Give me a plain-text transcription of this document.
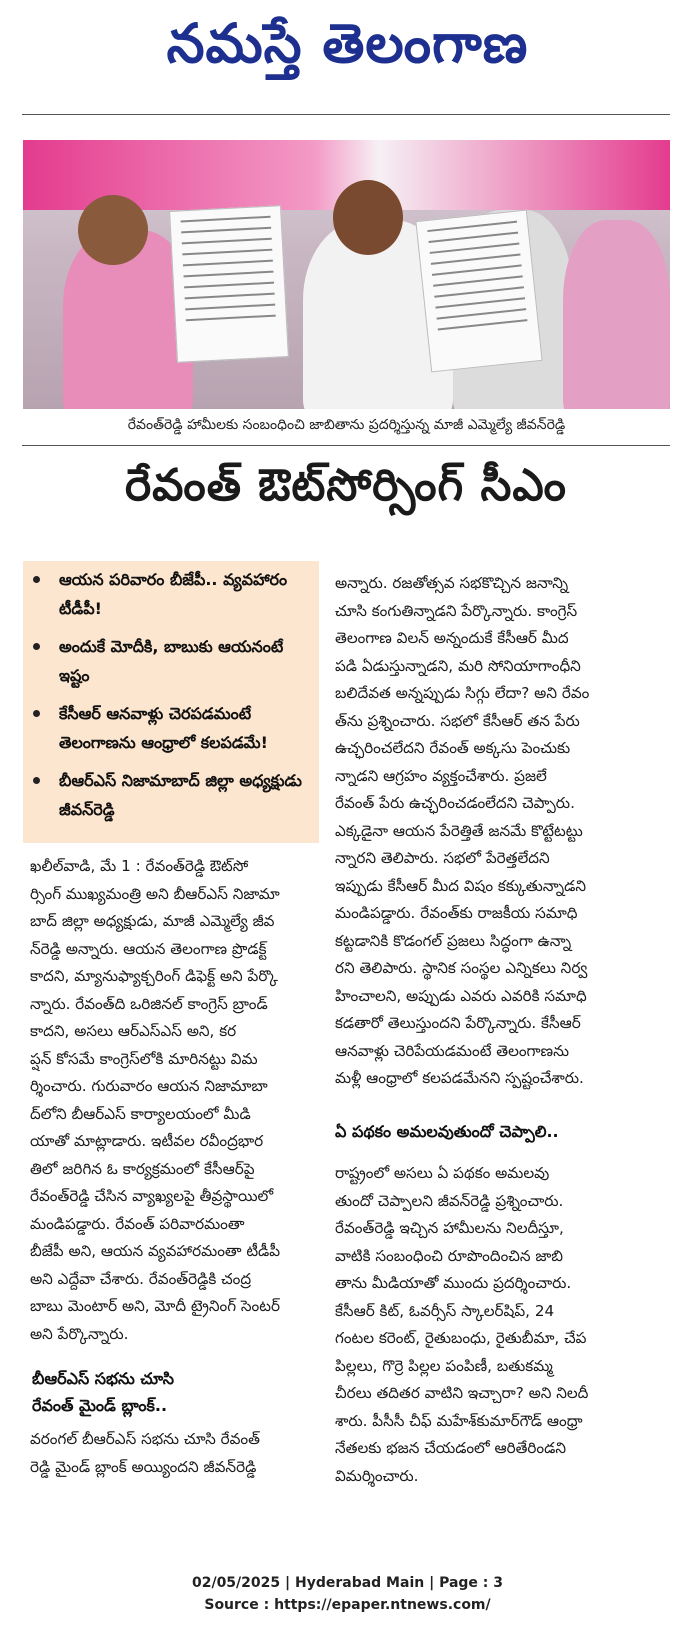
నమస్తే తెలంగాణ
రేవంత్‌రెడ్డి హామీలకు సంబంధించి జాబితాను ప్రదర్శిస్తున్న మాజీ ఎమ్మెల్యే జీవన్‌రెడ్డి
రేవంత్ ఔట్‌సోర్సింగ్ సీఎం
ఆయన పరివారం బీజేపీ.. వ్యవహారం టీడీపీ!
అందుకే మోదీకి, బాబుకు ఆయనంటే ఇష్టం
కేసీఆర్ ఆనవాళ్లు చెరపడమంటే తెలంగాణను ఆంధ్రాలో కలపడమే!
బీఆర్ఎస్ నిజామాబాద్ జిల్లా అధ్యక్షుడు జీవన్‌రెడ్డి
ఖలీల్‌వాడి, మే 1 : రేవంత్‌రెడ్డి ఔట్‌సో
ర్సింగ్ ముఖ్యమంత్రి అని బీఆర్ఎస్ నిజామా
బాద్ జిల్లా అధ్యక్షుడు, మాజీ ఎమ్మెల్యే జీవ
న్‌రెడ్డి అన్నారు. ఆయన తెలంగాణ ప్రొడక్ట్
కాదని, మ్యానుఫ్యాక్చరింగ్ డిఫెక్ట్ అని పేర్కొ
న్నారు. రేవంత్‌ది ఒరిజినల్ కాంగ్రెస్ బ్రాండ్
కాదని, అసలు ఆర్ఎస్ఎస్ అని, కర
ప్షన్ కోసమే కాంగ్రెస్‌లోకి మారినట్టు విమ
ర్శించారు. గురువారం ఆయన నిజామాబా
ద్‌లోని బీఆర్ఎస్ కార్యాలయంలో మీడి
యాతో మాట్లాడారు. ఇటీవల రవీంద్రభార
తిలో జరిగిన ఓ కార్యక్రమంలో కేసీఆర్‌పై
రేవంత్‌రెడ్డి చేసిన వ్యాఖ్యలపై తీవ్రస్థాయిలో
మండిపడ్డారు. రేవంత్ పరివారమంతా
బీజేపీ అని, ఆయన వ్యవహారమంతా టీడీపీ
అని ఎద్దేవా చేశారు. రేవంత్‌రెడ్డికి చంద్ర
బాబు మెంటార్ అని, మోదీ ట్రైనింగ్ సెంటర్
అని పేర్కొన్నారు.
బీఆర్ఎస్ సభను చూసి
రేవంత్ మైండ్ బ్లాంక్..
వరంగల్ బీఆర్ఎస్ సభను చూసి రేవంత్
రెడ్డి మైండ్ బ్లాంక్ అయ్యిందని జీవన్‌రెడ్డి
అన్నారు. రజతోత్సవ సభకొచ్చిన జనాన్ని
చూసి కంగుతిన్నాడని పేర్కొన్నారు. కాంగ్రెస్
తెలంగాణ విలన్ అన్నందుకే కేసీఆర్ మీద
పడి ఏడుస్తున్నాడని, మరి సోనియాగాంధీని
బలిదేవత అన్నప్పుడు సిగ్గు లేదా? అని రేవం
త్‌ను ప్రశ్నించారు. సభలో కేసీఆర్ తన పేరు
ఉచ్ఛరించలేదని రేవంత్ అక్కసు పెంచుకు
న్నాడని ఆగ్రహం వ్యక్తంచేశారు. ప్రజలే
రేవంత్ పేరు ఉచ్ఛరించడంలేదని చెప్పారు.
ఎక్కడైనా ఆయన పేరెత్తితే జనమే కొట్టేటట్టు
న్నారని తెలిపారు. సభలో పేరెత్తలేదని
ఇప్పుడు కేసీఆర్ మీద విషం కక్కుతున్నాడని
మండిపడ్డారు. రేవంత్‌కు రాజకీయ సమాధి
కట్టడానికి కొడంగల్ ప్రజలు సిద్ధంగా ఉన్నా
రని తెలిపారు. స్థానిక సంస్థల ఎన్నికలు నిర్వ
హించాలని, అప్పుడు ఎవరు ఎవరికి సమాధి
కడతారో తెలుస్తుందని పేర్కొన్నారు. కేసీఆర్
ఆనవాళ్లు చెరిపేయడమంటే తెలంగాణను
మళ్లీ ఆంధ్రాలో కలపడమేనని స్పష్టంచేశారు.
ఏ పథకం అమలవుతుందో చెప్పాలి..
రాష్ట్రంలో అసలు ఏ పథకం అమలవు
తుందో చెప్పాలని జీవన్‌రెడ్డి ప్రశ్నించారు.
రేవంత్‌రెడ్డి ఇచ్చిన హామీలను నిలదీస్తూ,
వాటికి సంబంధించి రూపొందించిన జాబి
తాను మీడియాతో ముందు ప్రదర్శించారు.
కేసీఆర్ కిట్, ఓవర్సీస్ స్కాలర్‌షిప్, 24
గంటల కరెంట్, రైతుబంధు, రైతుబీమా, చేప
పిల్లలు, గొర్రె పిల్లల పంపిణీ, బతుకమ్మ
చీరలు తదితర వాటిని ఇచ్చారా? అని నిలదీ
శారు. పీసీసీ చీఫ్ మహేశ్‌కుమార్‌గౌడ్ ఆంధ్రా
నేతలకు భజన చేయడంలో ఆరితేరిండని
విమర్శించారు.
02/05/2025 | Hyderabad Main | Page : 3
Source : https://epaper.ntnews.com/
